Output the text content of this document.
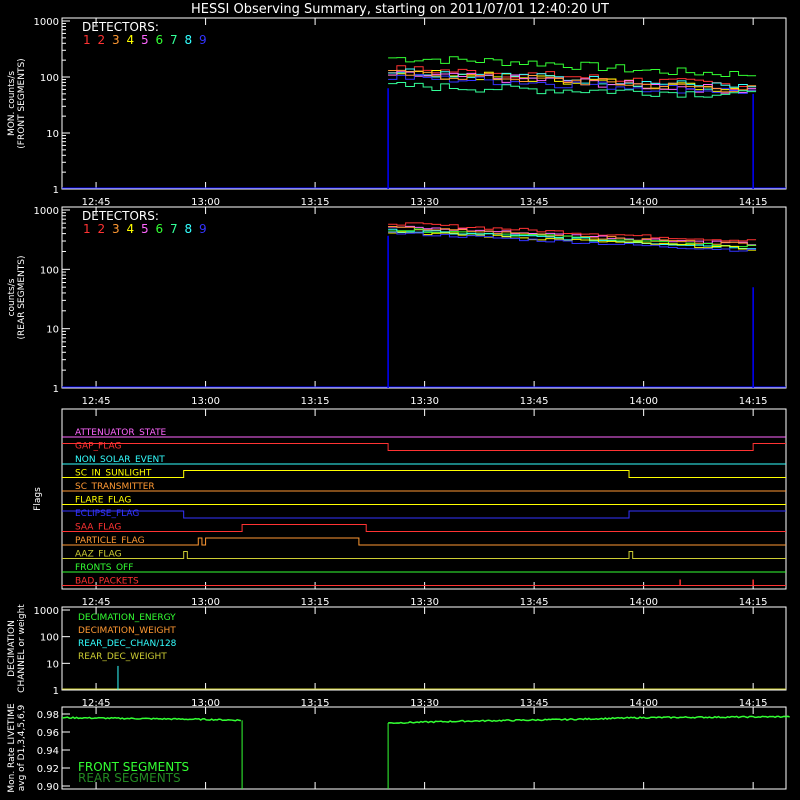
HESSI Observing Summary, starting on 2011/07/01 12:40:20 UT
12:45	13:00	13:15	13:30	13:45	14:00	14:15
MON. counts/s (FRONT SEGMENTS)
1
10
100
1000 DETECTORS:
1 2 3 4 5 6 7 8 9
12:45	13:00	13:15	13:30	13:45	14:00	14:15
counts/s (REAR SEGMENTS)
1
10
100
1000 DETECTORS:
1 2 3 4 5 6 7 8 9
12:45	13:00	13:15	13:30	13:45	14:00	14:15
Flags
ATTENUATOR_STATE
GAP_FLAG
NON_SOLAR_EVENT
SC_IN_SUNLIGHT
SC_TRANSMITTER
FLARE_FLAG
ECLIPSE_FLAG
SAA_FLAG
PARTICLE_FLAG
AAZ_FLAG
FRONTS_OFF
BAD_PACKETS
12:45	13:00	13:15	13:30	13:45	14:00	14:15
DECIMATION CHANNEL or weight	1
10
100
1000
DECIMATION_ENERGY
DECIMATION_WEIGHT
REAR_DEC_CHAN/128
REAR_DEC_WEIGHT
Mon. Rate LIVETIME avg of D1,3,4,5,6,9 0.90
0.92
0.94
0.96
0.98
FRONT SEGMENTS
REAR SEGMENTS
